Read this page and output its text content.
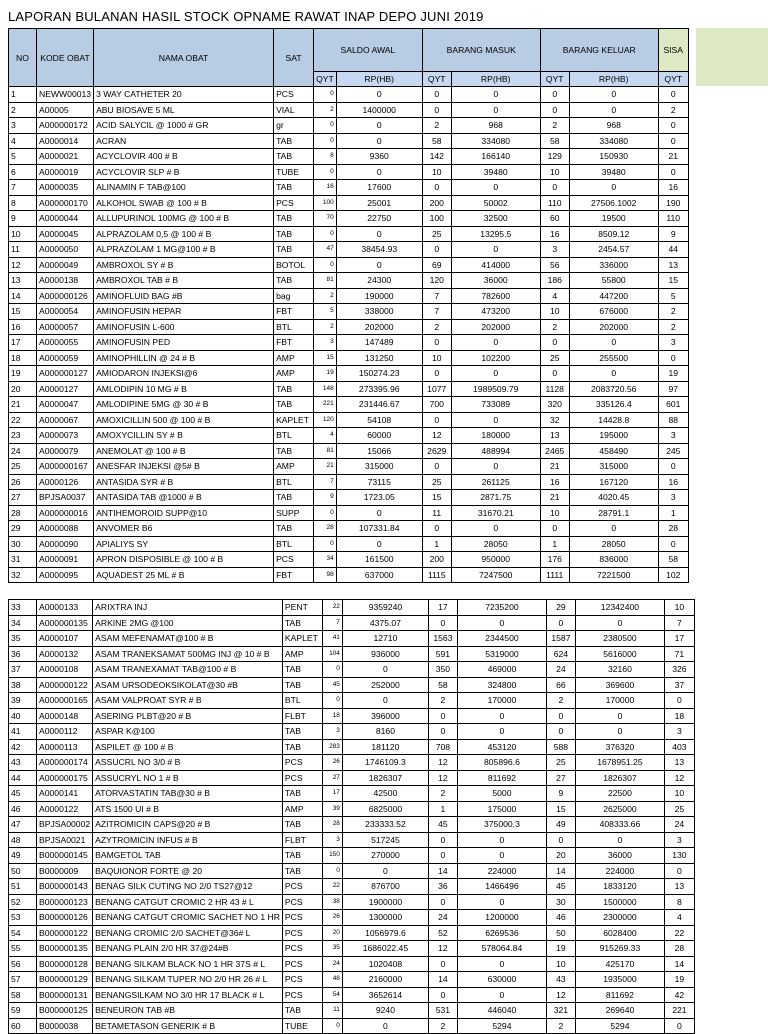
LAPORAN BULANAN HASIL STOCK OPNAME RAWAT INAP DEPO JUNI 2019
NO	KODE OBAT	NAMA OBAT	SAT	SALDO AWAL		BARANG MASUK		BARANG KELUAR		SISA
				QYT	RP(HB)	QYT	RP(HB)	QYT	RP(HB)	QYT
1	NEWW00013	3 WAY CATHETER 20	PCS	0	0	0	0	0	0	0
2	A00005	ABU BIOSAVE 5 ML	VIAL	2	1400000	0	0	0	0	2
3	A000000172	ACID SALYCIL @ 1000 # GR	gr	0	0	2	968	2	968	0
4	A0000014	ACRAN	TAB	0	0	58	334080	58	334080	0
5	A0000021	ACYCLOVIR 400 # B	TAB	8	9360	142	166140	129	150930	21
6	A0000019	ACYCLOVIR SLP # B	TUBE	0	0	10	39480	10	39480	0
7	A0000035	ALINAMIN F TAB@100	TAB	16	17600	0	0	0	0	16
8	A000000170	ALKOHOL SWAB @ 100 # B	PCS	100	25001	200	50002	110	27506.1002	190
9	A0000044	ALLUPURINOL 100MG @ 100 # B	TAB	70	22750	100	32500	60	19500	110
10	A0000045	ALPRAZOLAM 0,5 @ 100 # B	TAB	0	0	25	13295.5	16	8509.12	9
11	A0000050	ALPRAZOLAM 1 MG@100 # B	TAB	47	38454.93	0	0	3	2454.57	44
12	A0000049	AMBROXOL SY # B	BOTOL	0	0	69	414000	56	336000	13
13	A0000138	AMBROXOL TAB # B	TAB	81	24300	120	36000	186	55800	15
14	A000000126	AMINOFLUID BAG #B	bag	2	190000	7	782600	4	447200	5
15	A0000054	AMINOFUSIN HEPAR	FBT	5	338000	7	473200	10	676000	2
16	A0000057	AMINOFUSIN L-600	BTL	2	202000	2	202000	2	202000	2
17	A0000055	AMINOFUSIN PED	FBT	3	147489	0	0	0	0	3
18	A0000059	AMINOPHILLIN @ 24 # B	AMP	15	131250	10	102200	25	255500	0
19	A000000127	AMIODARON INJEKSI@6	AMP	19	150274.23	0	0	0	0	19
20	A0000127	AMLODIPIN 10 MG # B	TAB	148	273395.96	1077	1989509.79	1128	2083720.56	97
21	A0000047	AMLODIPINE 5MG @ 30 # B	TAB	221	231446.67	700	733089	320	335126.4	601
22	A0000067	AMOXICILLIN 500 @ 100 # B	KAPLET	120	54108	0	0	32	14428.8	88
23	A0000073	AMOXYCILLIN SY # B	BTL	4	60000	12	180000	13	195000	3
24	A0000079	ANEMOLAT @ 100 # B	TAB	81	15066	2629	488994	2465	458490	245
25	A000000167	ANESFAR INJEKSI @5# B	AMP	21	315000	0	0	21	315000	0
26	A0000126	ANTASIDA SYR # B	BTL	7	73115	25	261125	16	167120	16
27	BPJSA0037	ANTASIDA TAB @1000 # B	TAB	9	1723.05	15	2871.75	21	4020.45	3
28	A000000016	ANTIHEMOROID SUPP@10	SUPP	0	0	11	31670.21	10	28791.1	1
29	A0000088	ANVOMER B6	TAB	28	107331.84	0	0	0	0	28
30	A0000090	APIALIYS SY	BTL	0	0	1	28050	1	28050	0
31	A0000091	APRON DISPOSIBLE @ 100 # B	PCS	34	161500	200	950000	176	836000	58
32	A0000095	AQUADEST 25 ML # B	FBT	98	637000	1115	7247500	1111	7221500	102
33	A0000133	ARIXTRA INJ	PENT	22	9359240	17	7235200	29	12342400	10
34	A000000135	ARKINE 2MG @100	TAB	7	4375.07	0	0	0	0	7
35	A0000107	ASAM MEFENAMAT@100 # B	KAPLET	41	12710	1563	2344500	1587	2380500	17
36	A0000132	ASAM TRANEKSAMAT 500MG INJ @ 10 # B	AMP	104	936000	591	5319000	624	5616000	71
37	A0000108	ASAM TRANEXAMAT TAB@100 # B	TAB	0	0	350	469000	24	32160	326
38	A000000122	ASAM URSODEOKSIKOLAT@30 #B	TAB	45	252000	58	324800	66	369600	37
39	A000000165	ASAM VALPROAT SYR # B	BTL	0	0	2	170000	2	170000	0
40	A0000148	ASERING PLBT@20 # B	FLBT	18	396000	0	0	0	0	18
41	A0000112	ASPAR K@100	TAB	3	8160	0	0	0	0	3
42	A0000113	ASPILET @ 100 # B	TAB	283	181120	708	453120	588	376320	403
43	A000000174	ASSUCRL NO 3/0 # B	PCS	26	1746109.3	12	805896.6	25	1678951.25	13
44	A000000175	ASSUCRYL NO 1 # B	PCS	27	1826307	12	811692	27	1826307	12
45	A0000141	ATORVASTATIN TAB@30 # B	TAB	17	42500	2	5000	9	22500	10
46	A0000122	ATS 1500 UI # B	AMP	39	6825000	1	175000	15	2625000	25
47	BPJSA00002	AZITROMICIN CAPS@20 # B	TAB	28	233333.52	45	375000.3	49	408333.66	24
48	BPJSA0021	AZYTROMICIN INFUS # B	FLBT	3	517245	0	0	0	0	3
49	B000000145	BAMGETOL TAB	TAB	150	270000	0	0	20	36000	130
50	B0000009	BAQUIONOR FORTE @ 20	TAB	0	0	14	224000	14	224000	0
51	B000000143	BENAG SILK CUTING NO 2/0 TS27@12	PCS	22	876700	36	1466496	45	1833120	13
52	B000000123	BENANG CATGUT CROMIC 2 HR 43 # L	PCS	38	1900000	0	0	30	1500000	8
53	B000000126	BENANG CATGUT CROMIC SACHET NO 1 HR	PCS	26	1300000	24	1200000	46	2300000	4
54	B000000122	BENANG CROMIC 2/0 SACHET@36# L	PCS	20	1056979.6	52	6269536	50	6028400	22
55	B000000135	BENANG PLAIN 2/0 HR 37@24#B	PCS	35	1686022.45	12	578064.84	19	915269.33	28
56	B000000128	BENANG SILKAM BLACK NO 1 HR 37S # L	PCS	24	1020408	0	0	10	425170	14
57	B000000129	BENANG SILKAM TUPER NO 2/0 HR 26 # L	PCS	48	2160000	14	630000	43	1935000	19
58	B000000131	BENANGSILKAM NO 3/0 HR 17 BLACK # L	PCS	54	3652614	0	0	12	811692	42
59	B000000125	BENEURON TAB #B	TAB	11	9240	531	446040	321	269640	221
60	B0000038	BETAMETASON GENERIK # B	TUBE	0	0	2	5294	2	5294	0
